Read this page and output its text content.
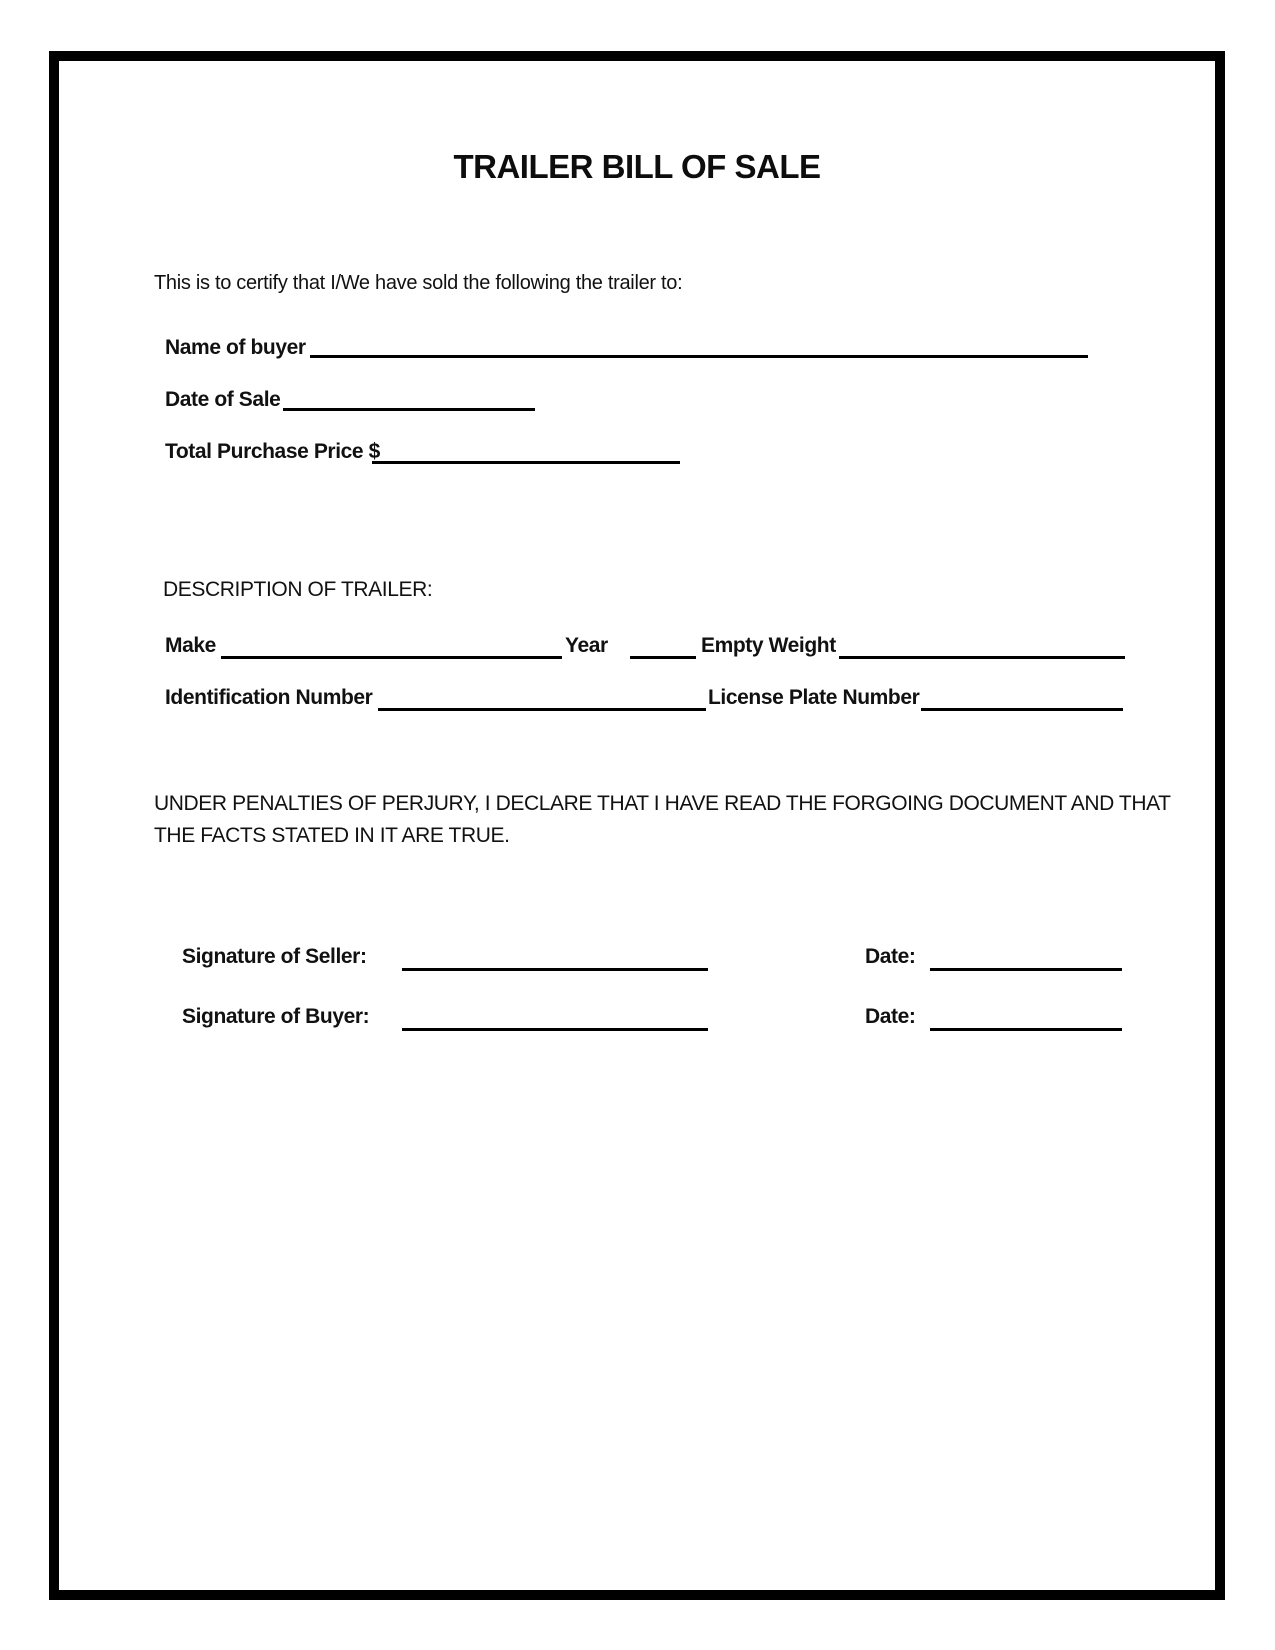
TRAILER BILL OF SALE
This is to certify that I/We have sold the following the trailer to:
Name of buyer
Date of Sale
Total Purchase Price $
DESCRIPTION OF TRAILER:
Make	Year	Empty Weight
Identification Number	License Plate Number
UNDER PENALTIES OF PERJURY, I DECLARE THAT I HAVE READ THE FORGOING DOCUMENT AND THAT
THE FACTS STATED IN IT ARE TRUE.
Signature of Seller:	Date:
Signature of Buyer:	Date:
